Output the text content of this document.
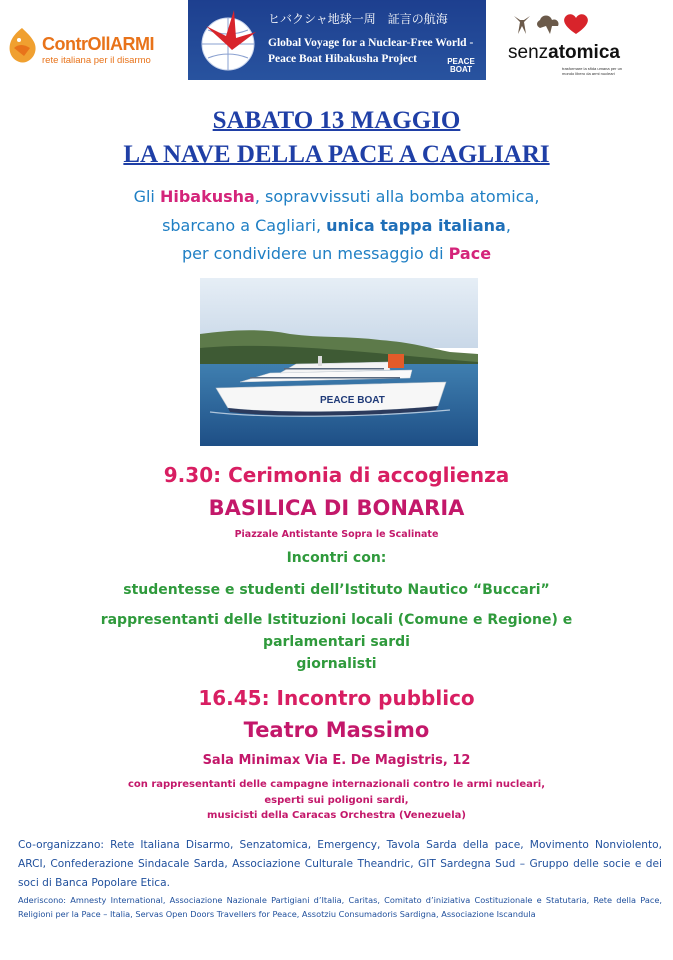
ContrOllARMI
rete italiana per il disarmo
ヒバクシャ地球一周　証言の航海
Global Voyage for a Nuclear-Free World -
Peace Boat Hibakusha Project	PEACE BOAT
senzatomica
trasformare la sfida umana per un mondo libero da armi nucleari
SABATO 13 MAGGIO
LA NAVE DELLA PACE A CAGLIARI
Gli Hibakusha, sopravvissuti alla bomba atomica,
sbarcano a Cagliari, unica tappa italiana,
per condividere un messaggio di Pace
PEACE BOAT
9.30: Cerimonia di accoglienza
BASILICA DI BONARIA
Piazzale Antistante Sopra le Scalinate
Incontri con:
studentesse e studenti dell’Istituto Nautico “Buccari”
rappresentanti delle Istituzioni locali (Comune e Regione) e
parlamentari sardi
giornalisti
16.45: Incontro pubblico
Teatro Massimo
Sala Minimax Via E. De Magistris, 12
con rappresentanti delle campagne internazionali contro le armi nucleari,
esperti sui poligoni sardi,
musicisti della Caracas Orchestra (Venezuela)
Co-organizzano: Rete Italiana Disarmo, Senzatomica, Emergency, Tavola Sarda della pace, Movimento Nonviolento, ARCI, Confederazione Sindacale Sarda, Associazione Culturale Theandric, GIT Sardegna Sud – Gruppo delle socie e dei soci di Banca Popolare Etica.
Aderiscono: Amnesty International, Associazione Nazionale Partigiani d’Italia, Caritas, Comitato d’iniziativa Costituzionale e Statutaria, Rete della Pace, Religioni per la Pace – Italia, Servas Open Doors Travellers for Peace, Assotziu Consumadoris Sardigna, Associazione Iscandula
